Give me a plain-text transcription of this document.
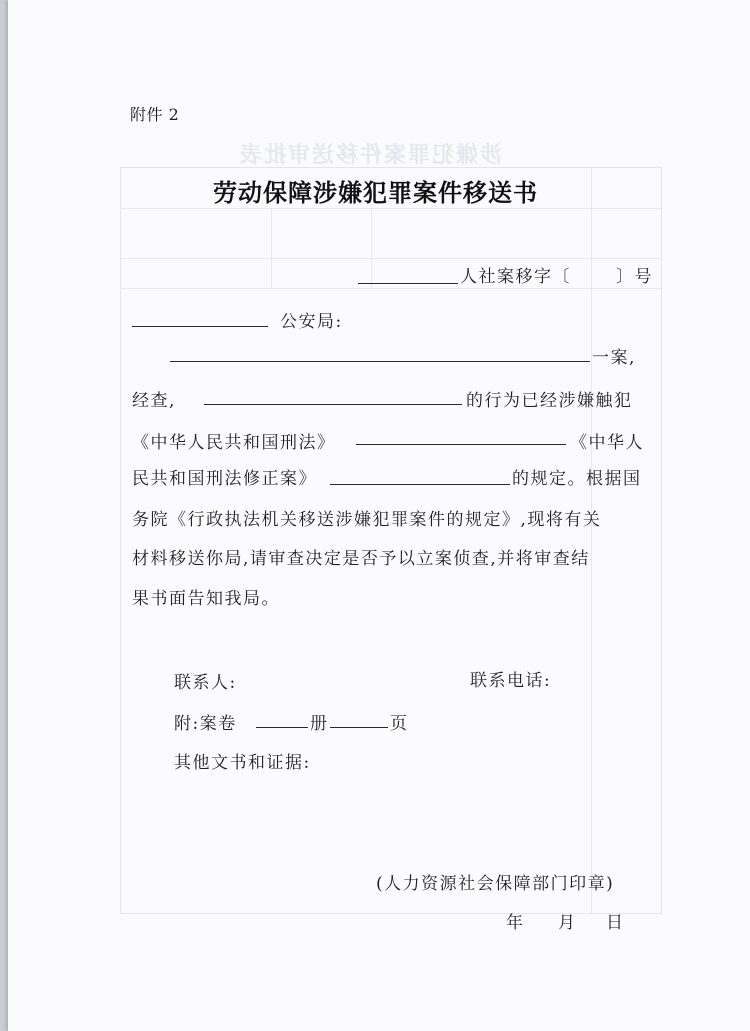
涉嫌犯罪案件移送审批表
附件 2
劳动保障涉嫌犯罪案件移送书
人社案移字〔	〕号
公安局:
一案,
经查,	的行为已经涉嫌触犯
《中华人民共和国刑法》	《中华人
民共和国刑法修正案》	的规定。根据国
务院《行政执法机关移送涉嫌犯罪案件的规定》,现将有关
材料移送你局,请审查决定是否予以立案侦查,并将审查结
果书面告知我局。
联系人:	联系电话:
附:案卷	册	页
其他文书和证据:
(人力资源社会保障部门印章)
年 月 日
